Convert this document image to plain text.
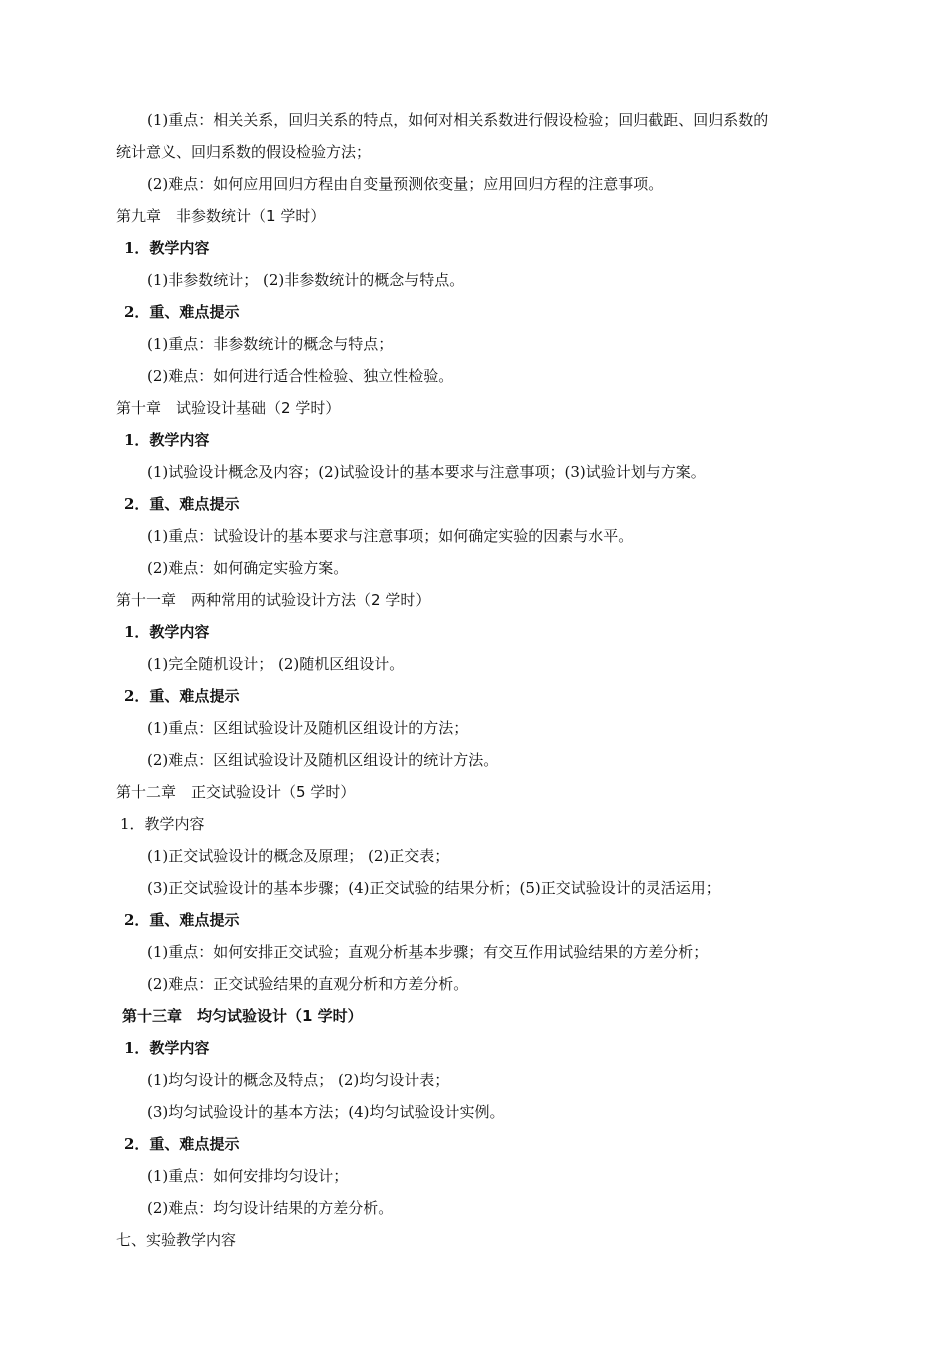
(1)重点：相关关系，回归关系的特点，如何对相关系数进行假设检验；回归截距、回归系数的
统计意义、回归系数的假设检验方法；
(2)难点：如何应用回归方程由自变量预测依变量；应用回归方程的注意事项。
第九章　非参数统计（1 学时）
1．教学内容
(1)非参数统计； (2)非参数统计的概念与特点。
2．重、难点提示
(1)重点：非参数统计的概念与特点；
(2)难点：如何进行适合性检验、独立性检验。
第十章　试验设计基础（2 学时）
1．教学内容
(1)试验设计概念及内容；(2)试验设计的基本要求与注意事项；(3)试验计划与方案。
2．重、难点提示
(1)重点：试验设计的基本要求与注意事项；如何确定实验的因素与水平。
(2)难点：如何确定实验方案。
第十一章　两种常用的试验设计方法（2 学时）
1．教学内容
(1)完全随机设计； (2)随机区组设计。
2．重、难点提示
(1)重点：区组试验设计及随机区组设计的方法；
(2)难点：区组试验设计及随机区组设计的统计方法。
第十二章　正交试验设计（5 学时）
1．教学内容
(1)正交试验设计的概念及原理； (2)正交表；
(3)正交试验设计的基本步骤；(4)正交试验的结果分析；(5)正交试验设计的灵活运用；
2．重、难点提示
(1)重点：如何安排正交试验；直观分析基本步骤；有交互作用试验结果的方差分析；
(2)难点：正交试验结果的直观分析和方差分析。
第十三章　均匀试验设计（1 学时）
1．教学内容
(1)均匀设计的概念及特点； (2)均匀设计表；
(3)均匀试验设计的基本方法；(4)均匀试验设计实例。
2．重、难点提示
(1)重点：如何安排均匀设计；
(2)难点：均匀设计结果的方差分析。
七、实验教学内容
